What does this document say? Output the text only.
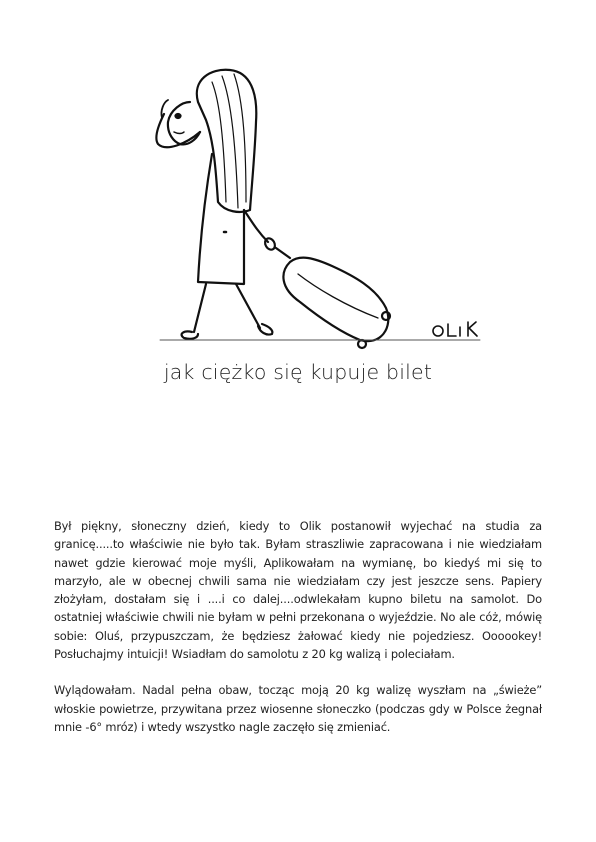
jak ciężko się kupuje bilet

Był piękny, słoneczny dzień, kiedy to Olik postanowił wyjechać na studia za granicę.....to właściwie nie było tak. Byłam straszliwie zapracowana i nie wiedziałam nawet gdzie kierować moje myśli, Aplikowałam na wymianę, bo kiedyś mi się to marzyło, ale w obecnej chwili sama nie wiedziałam czy jest jeszcze sens. Papiery złożyłam, dostałam się i ....i co dalej....odwlekałam kupno biletu na samolot. Do ostatniej właściwie chwili nie byłam w pełni przekonana o wyjeździe. No ale cóż, mówię sobie: Oluś, przypuszczam, że będziesz żałować kiedy nie pojedziesz. Oooookey! Posłuchajmy intuicji! Wsiadłam do samolotu z 20 kg walizą i poleciałam.

Wylądowałam. Nadal pełna obaw, tocząc moją 20 kg walizę wyszłam na „świeże” włoskie powietrze, przywitana przez wiosenne słoneczko (podczas gdy w Polsce żegnał mnie -6° mróz) i wtedy wszystko nagle zaczęło się zmieniać.
